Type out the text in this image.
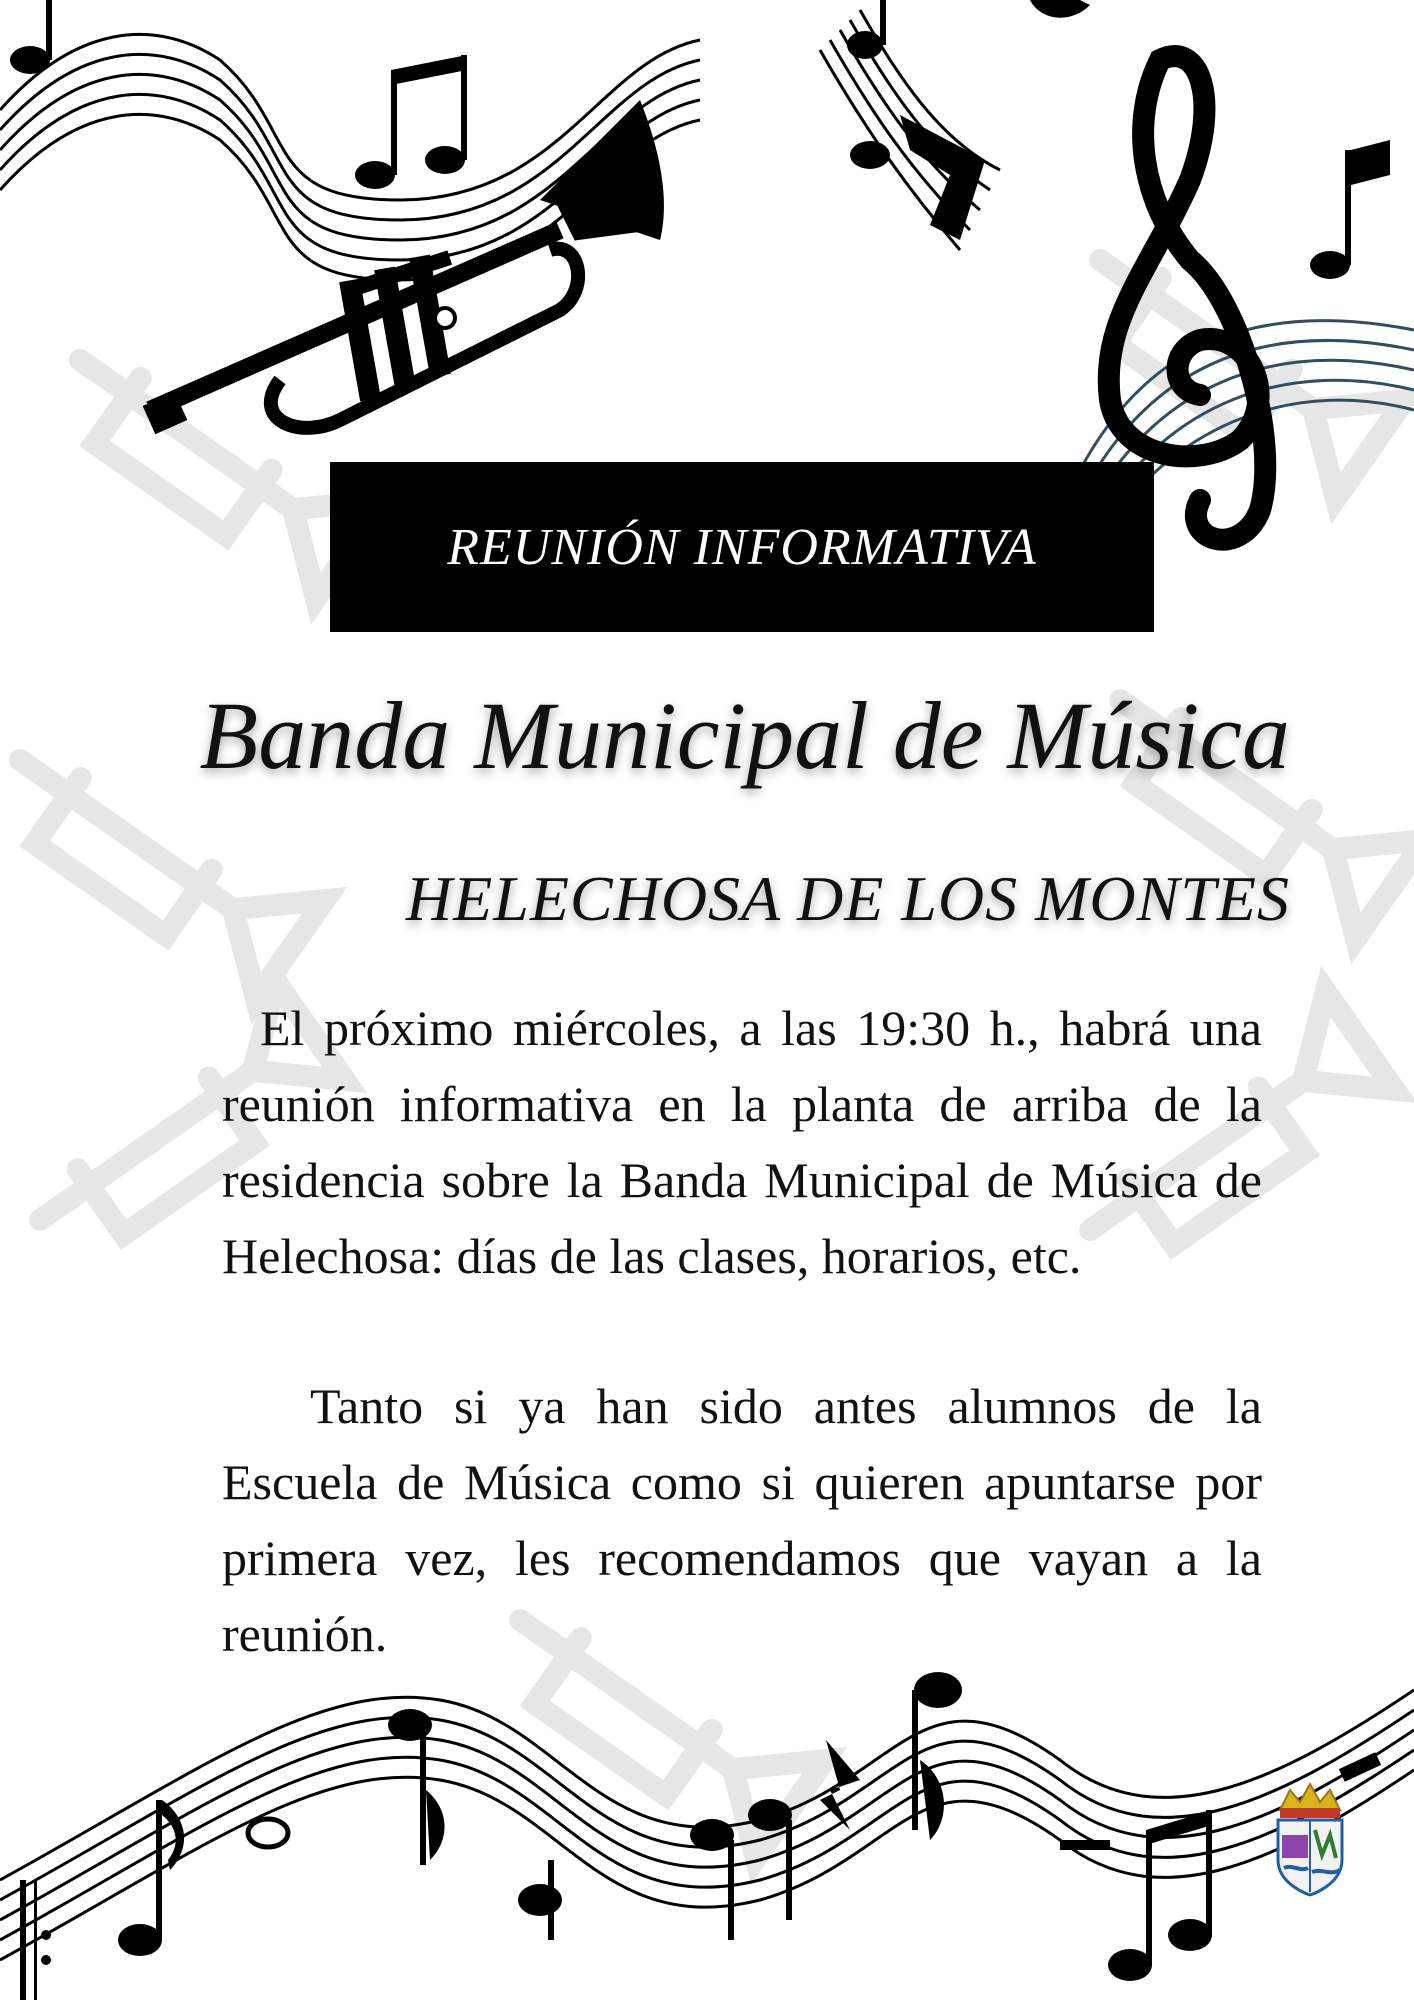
REUNIÓN INFORMATIVA
Banda Municipal de Música
HELECHOSA DE LOS MONTES

El próximo miércoles, a las 19:30 h., habrá una reunión informativa en la planta de arriba de la residencia sobre la Banda Municipal de Música de Helechosa: días de las clases, horarios, etc.

Tanto si ya han sido antes alumnos de la Escuela de Música como si quieren apuntarse por primera vez, les recomendamos que vayan a la reunión.
